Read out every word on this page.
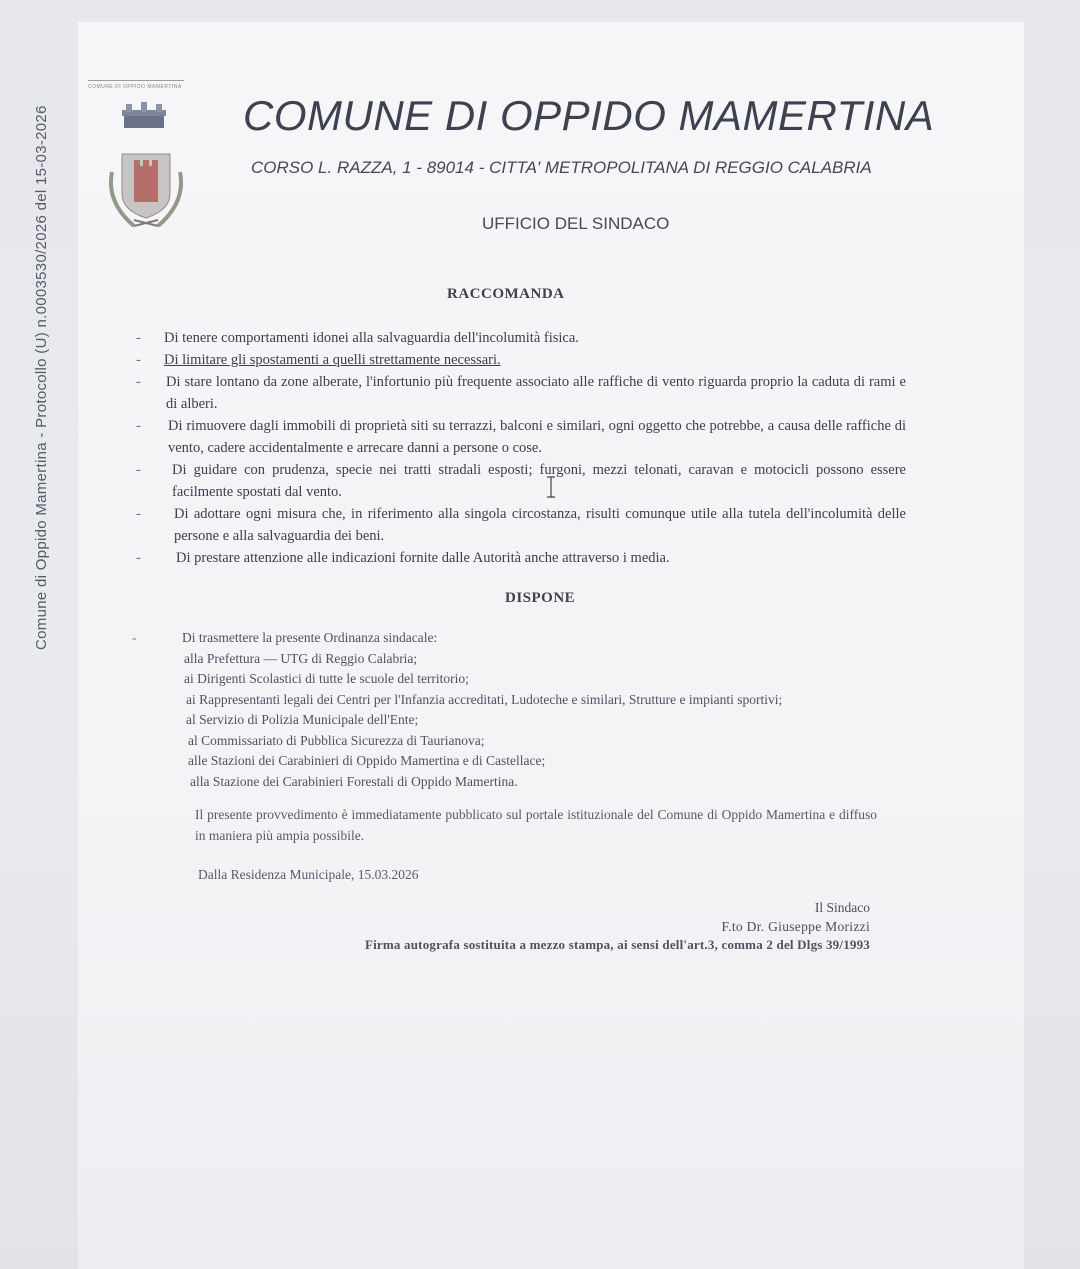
Comune di Oppido Mamertina - Protocollo (U) n.0003530/2026 del 15-03-2026
COMUNE DI OPPIDO MAMERTINA
COMUNE DI OPPIDO MAMERTINA
CORSO L. RAZZA, 1 - 89014 - CITTA' METROPOLITANA DI REGGIO CALABRIA
UFFICIO DEL SINDACO
RACCOMANDA
- Di tenere comportamenti idonei alla salvaguardia dell'incolumità fisica.
- Di limitare gli spostamenti a quelli strettamente necessari.
- Di stare lontano da zone alberate, l'infortunio più frequente associato alle raffiche di vento riguarda proprio la caduta di rami e di alberi.
- Di rimuovere dagli immobili di proprietà siti su terrazzi, balconi e similari, ogni oggetto che potrebbe, a causa delle raffiche di vento, cadere accidentalmente e arrecare danni a persone o cose.
- Di guidare con prudenza, specie nei tratti stradali esposti; furgoni, mezzi telonati, caravan e motocicli possono essere facilmente spostati dal vento.
- Di adottare ogni misura che, in riferimento alla singola circostanza, risulti comunque utile alla tutela dell'incolumità delle persone e alla salvaguardia dei beni.
- Di prestare attenzione alle indicazioni fornite dalle Autorità anche attraverso i media.
DISPONE
- Di trasmettere la presente Ordinanza sindacale:
alla Prefettura — UTG di Reggio Calabria;
ai Dirigenti Scolastici di tutte le scuole del territorio;
ai Rappresentanti legali dei Centri per l'Infanzia accreditati, Ludoteche e similari, Strutture e impianti sportivi;
al Servizio di Polizia Municipale dell'Ente;
al Commissariato di Pubblica Sicurezza di Taurianova;
alle Stazioni dei Carabinieri di Oppido Mamertina e di Castellace;
alla Stazione dei Carabinieri Forestali di Oppido Mamertina.
Il presente provvedimento è immediatamente pubblicato sul portale istituzionale del Comune di Oppido Mamertina e diffuso in maniera più ampia possibile.
Dalla Residenza Municipale, 15.03.2026
Il Sindaco
F.to Dr. Giuseppe Morizzi
Firma autografa sostituita a mezzo stampa, ai sensi dell'art.3, comma 2 del Dlgs 39/1993
